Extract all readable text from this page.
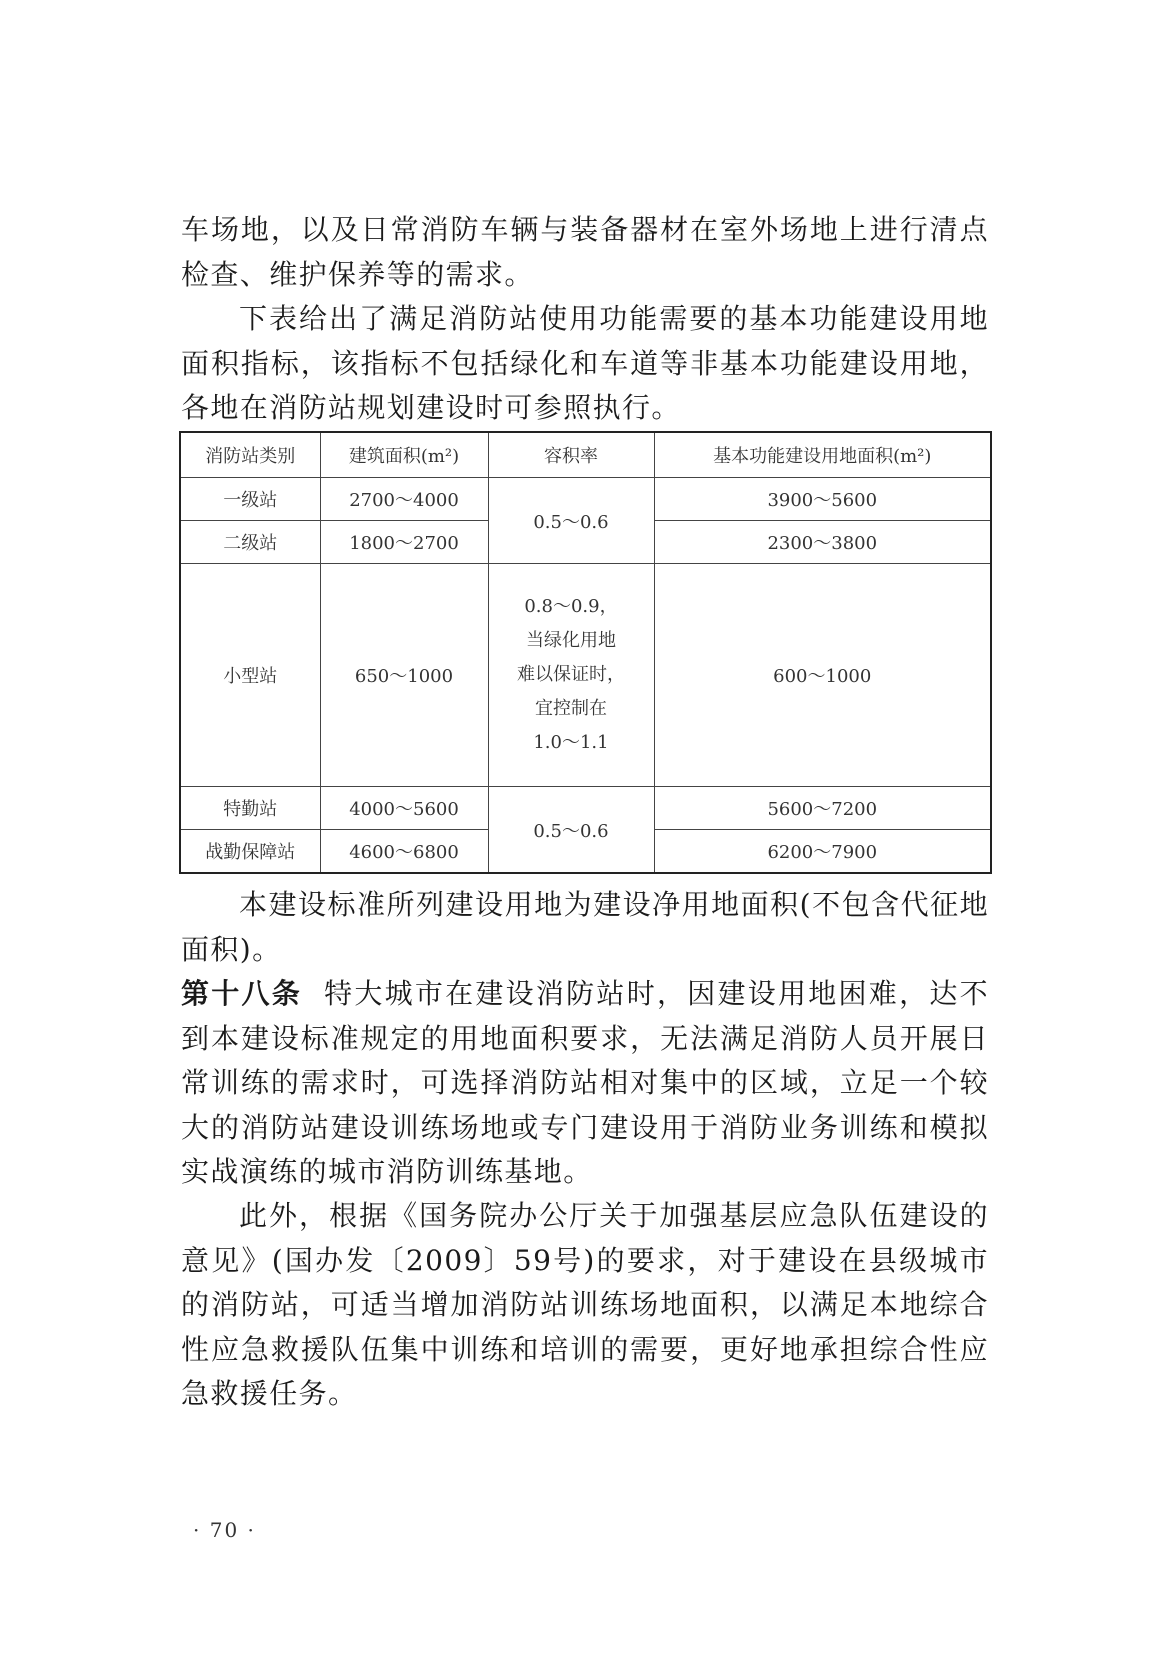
车场地，以及日常消防车辆与装备器材在室外场地上进行清点检查、维护保养等的需求。

下表给出了满足消防站使用功能需要的基本功能建设用地面积指标，该指标不包括绿化和车道等非基本功能建设用地，各地在消防站规划建设时可参照执行。

消防站类别	建筑面积(m²)	容积率	基本功能建设用地面积(m²)
一级站	2700～4000	0.5～0.6	3900～5600
二级站	1800～2700		2300～3800
小型站	650～1000	0.8～0.9，
当绿化用地
难以保证时，
宜控制在
1.0～1.1	600～1000
特勤站	4000～5600	0.5～0.6	5600～7200
战勤保障站	4600～6800		6200～7900

本建设标准所列建设用地为建设净用地面积(不包含代征地面积)。

第十八条 特大城市在建设消防站时，因建设用地困难，达不到本建设标准规定的用地面积要求，无法满足消防人员开展日常训练的需求时，可选择消防站相对集中的区域，立足一个较大的消防站建设训练场地或专门建设用于消防业务训练和模拟实战演练的城市消防训练基地。

此外，根据《国务院办公厅关于加强基层应急队伍建设的意见》(国办发〔2009〕59号)的要求，对于建设在县级城市的消防站，可适当增加消防站训练场地面积，以满足本地综合性应急救援队伍集中训练和培训的需要，更好地承担综合性应急救援任务。

· 70 ·
